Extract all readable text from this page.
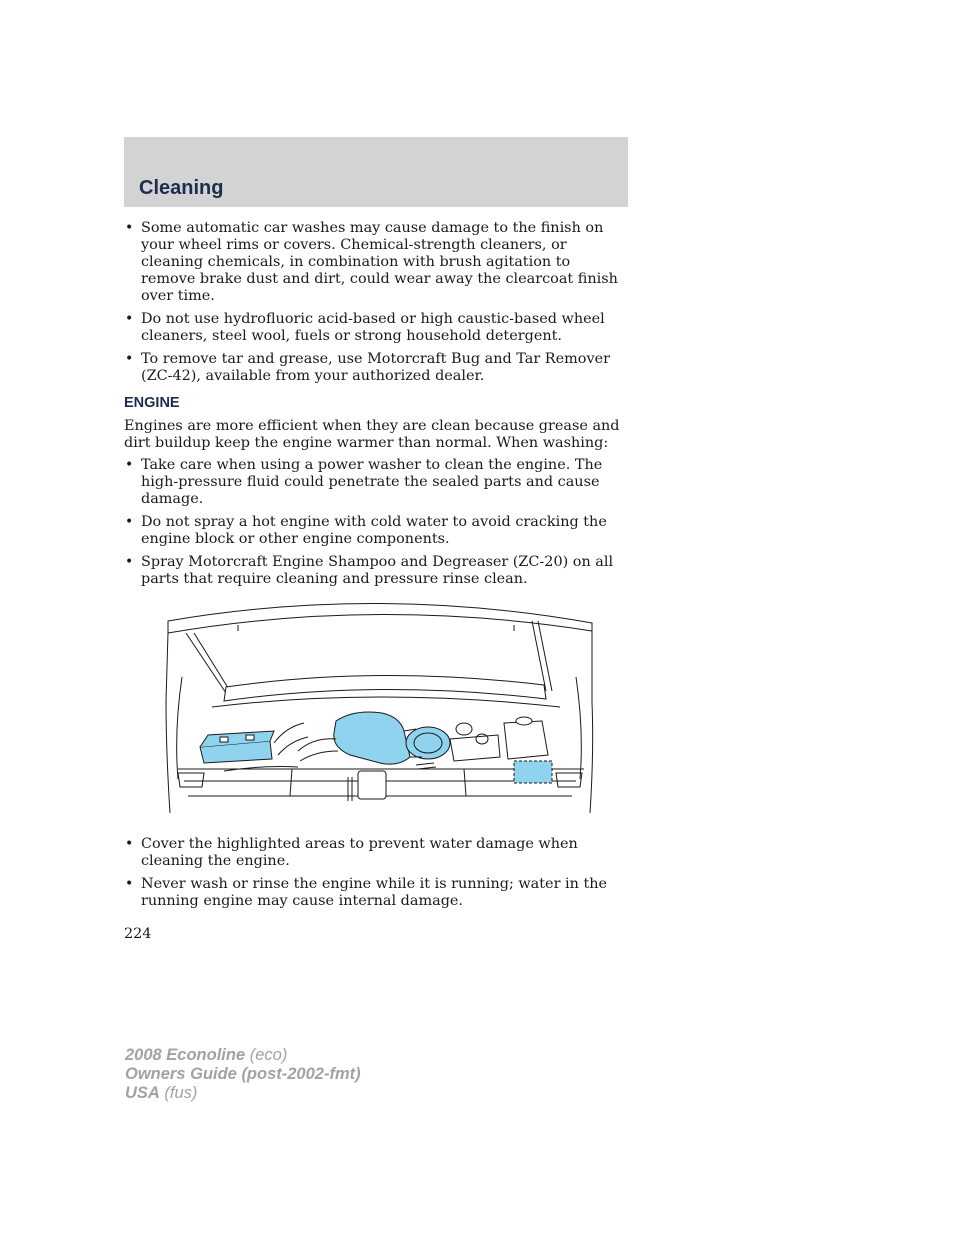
Cleaning
• Some automatic car washes may cause damage to the finish on your wheel rims or covers. Chemical-strength cleaners, or cleaning chemicals, in combination with brush agitation to remove brake dust and dirt, could wear away the clearcoat finish over time.
• Do not use hydrofluoric acid-based or high caustic-based wheel cleaners, steel wool, fuels or strong household detergent.
• To remove tar and grease, use Motorcraft Bug and Tar Remover (ZC-42), available from your authorized dealer.
ENGINE

Engines are more efficient when they are clean because grease and dirt buildup keep the engine warmer than normal. When washing:

• Take care when using a power washer to clean the engine. The high-pressure fluid could penetrate the sealed parts and cause damage.
• Do not spray a hot engine with cold water to avoid cracking the engine block or other engine components.
• Spray Motorcraft Engine Shampoo and Degreaser (ZC-20) on all parts that require cleaning and pressure rinse clean.
• Cover the highlighted areas to prevent water damage when cleaning the engine.
• Never wash or rinse the engine while it is running; water in the running engine may cause internal damage.

224

2008 Econoline (eco)
Owners Guide (post-2002-fmt)
USA (fus)
